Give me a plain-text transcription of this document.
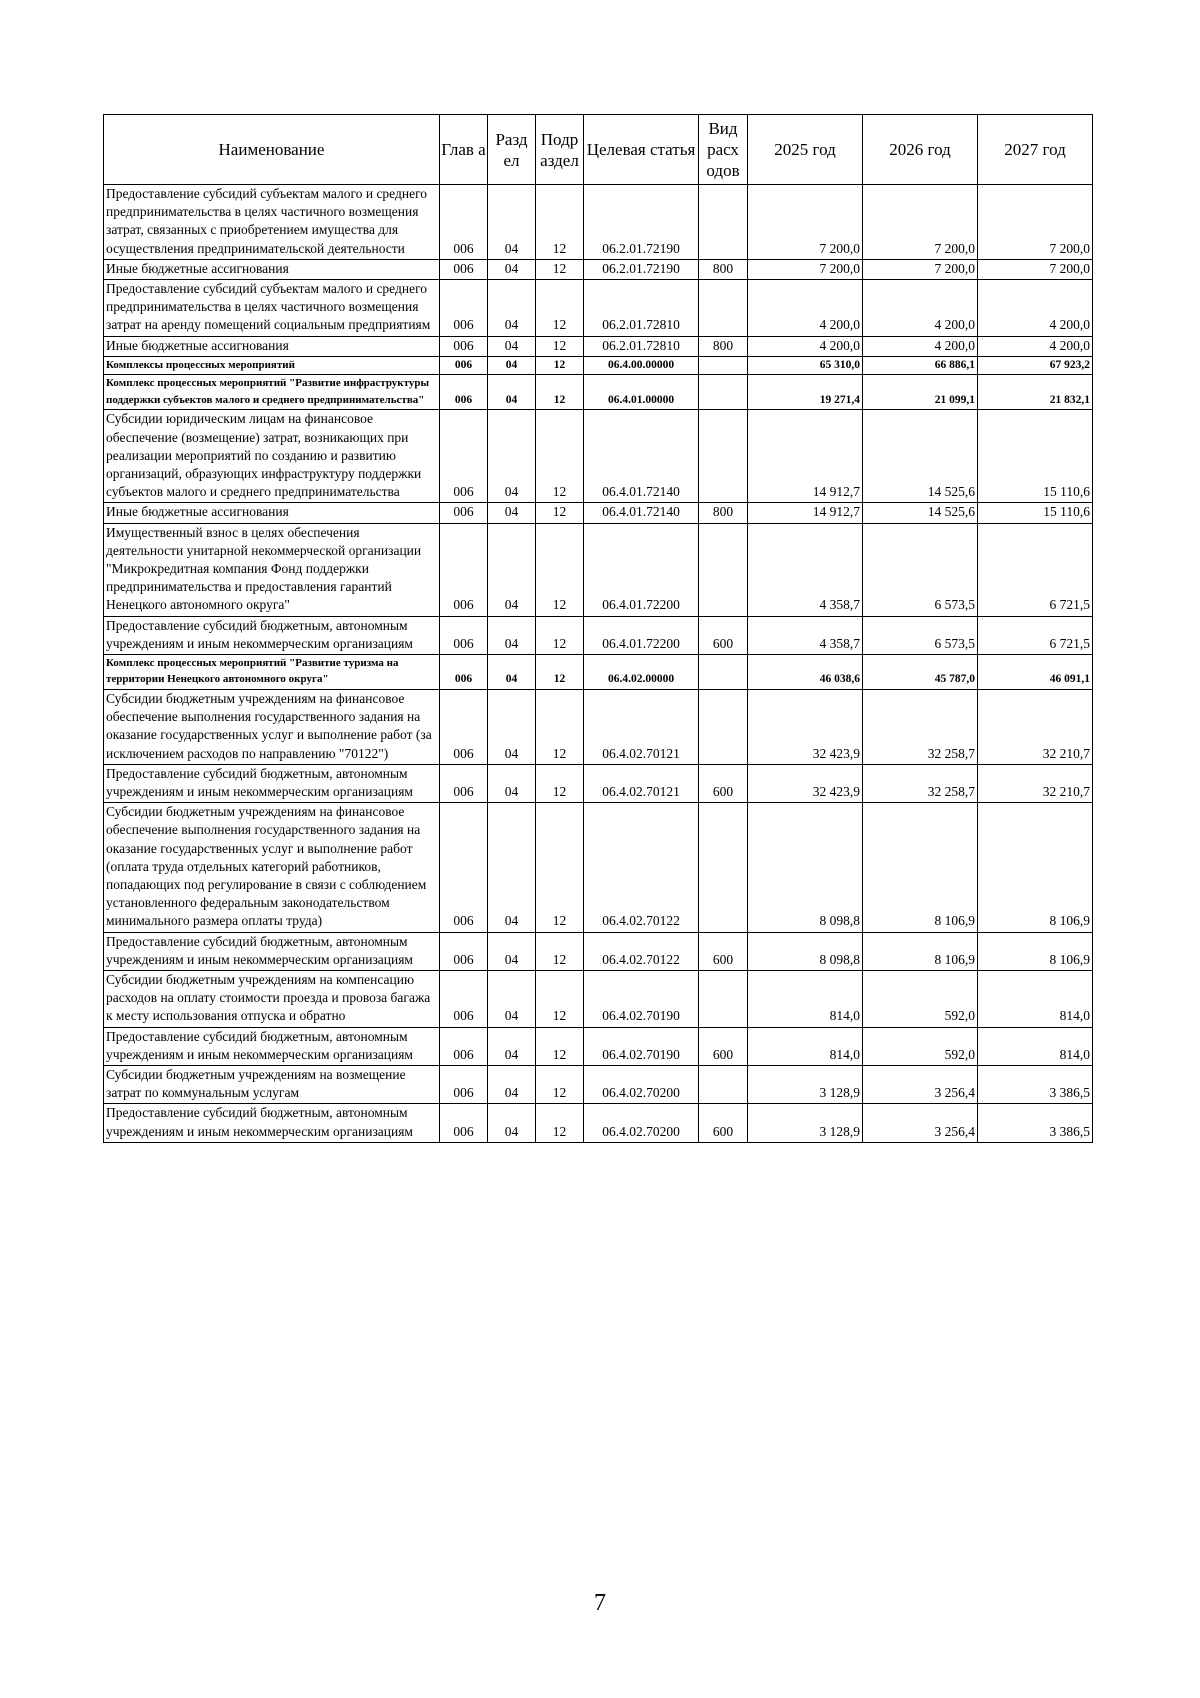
Наименование	Глав а	Разд ел	Подр аздел	Целевая статья	Вид расх одов	2025 год	2026 год	2027 год
Предоставление субсидий субъектам малого и среднего предпринимательства в целях частичного возмещения затрат, связанных с приобретением имущества для осуществления предпринимательской деятельности	006	04	12	06.2.01.72190		7 200,0	7 200,0	7 200,0
Иные бюджетные ассигнования	006	04	12	06.2.01.72190	800	7 200,0	7 200,0	7 200,0
Предоставление субсидий субъектам малого и среднего предпринимательства в целях частичного возмещения затрат на аренду помещений социальным предприятиям	006	04	12	06.2.01.72810		4 200,0	4 200,0	4 200,0
Иные бюджетные ассигнования	006	04	12	06.2.01.72810	800	4 200,0	4 200,0	4 200,0
Комплексы процессных мероприятий	006	04	12	06.4.00.00000		65 310,0	66 886,1	67 923,2
Комплекс процессных мероприятий "Развитие инфраструктуры поддержки субъектов малого и среднего предпринимательства"	006	04	12	06.4.01.00000		19 271,4	21 099,1	21 832,1
Субсидии юридическим лицам на финансовое обеспечение (возмещение) затрат, возникающих при реализации мероприятий по созданию и развитию организаций, образующих инфраструктуру поддержки субъектов малого и среднего предпринимательства	006	04	12	06.4.01.72140		14 912,7	14 525,6	15 110,6
Иные бюджетные ассигнования	006	04	12	06.4.01.72140	800	14 912,7	14 525,6	15 110,6
Имущественный взнос в целях обеспечения деятельности унитарной некоммерческой организации "Микрокредитная компания Фонд поддержки предпринимательства и предоставления гарантий Ненецкого автономного округа"	006	04	12	06.4.01.72200		4 358,7	6 573,5	6 721,5
Предоставление субсидий бюджетным, автономным учреждениям и иным некоммерческим организациям	006	04	12	06.4.01.72200	600	4 358,7	6 573,5	6 721,5
Комплекс процессных мероприятий "Развитие туризма на территории Ненецкого автономного округа"	006	04	12	06.4.02.00000		46 038,6	45 787,0	46 091,1
Субсидии бюджетным учреждениям на финансовое обеспечение выполнения государственного задания на оказание государственных услуг и выполнение работ (за исключением расходов по направлению "70122")	006	04	12	06.4.02.70121		32 423,9	32 258,7	32 210,7
Предоставление субсидий бюджетным, автономным учреждениям и иным некоммерческим организациям	006	04	12	06.4.02.70121	600	32 423,9	32 258,7	32 210,7
Субсидии бюджетным учреждениям на финансовое обеспечение выполнения государственного задания на оказание государственных услуг и выполнение работ (оплата труда отдельных категорий работников, попадающих под регулирование в связи с соблюдением установленного федеральным законодательством минимального размера оплаты труда)	006	04	12	06.4.02.70122		8 098,8	8 106,9	8 106,9
Предоставление субсидий бюджетным, автономным учреждениям и иным некоммерческим организациям	006	04	12	06.4.02.70122	600	8 098,8	8 106,9	8 106,9
Субсидии бюджетным учреждениям на компенсацию расходов на оплату стоимости проезда и провоза багажа к месту использования отпуска и обратно	006	04	12	06.4.02.70190		814,0	592,0	814,0
Предоставление субсидий бюджетным, автономным учреждениям и иным некоммерческим организациям	006	04	12	06.4.02.70190	600	814,0	592,0	814,0
Субсидии бюджетным учреждениям на возмещение затрат по коммунальным услугам	006	04	12	06.4.02.70200		3 128,9	3 256,4	3 386,5
Предоставление субсидий бюджетным, автономным учреждениям и иным некоммерческим организациям	006	04	12	06.4.02.70200	600	3 128,9	3 256,4	3 386,5
7
